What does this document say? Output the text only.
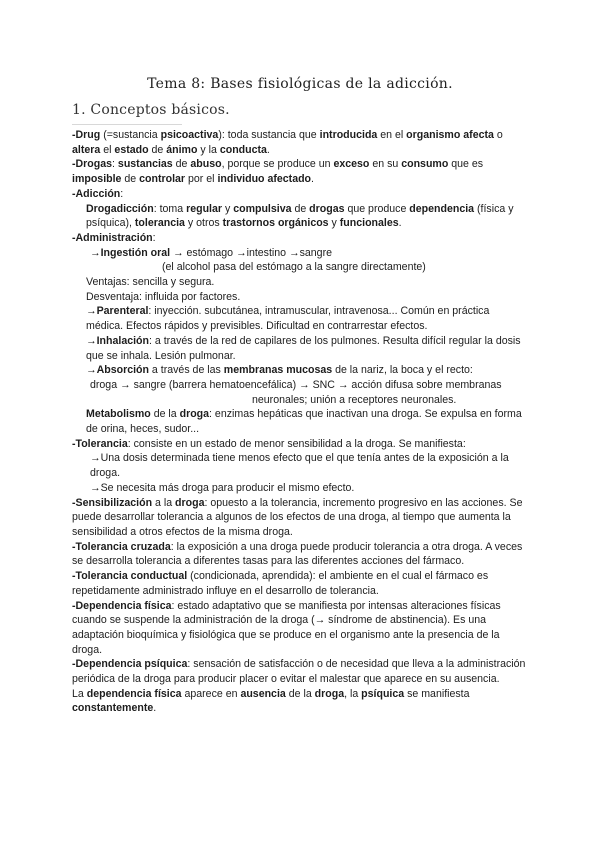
Tema 8: Bases fisiológicas de la adicción.
1. Conceptos básicos.
-Drug (=sustancia psicoactiva): toda sustancia que introducida en el organismo afecta o altera el estado de ánimo y la conducta.
-Drogas: sustancias de abuso, porque se produce un exceso en su consumo que es imposible de controlar por el individuo afectado.
-Adicción:
Drogadicción: toma regular y compulsiva de drogas que produce dependencia (física y psíquica), tolerancia y otros trastornos orgánicos y funcionales.
-Administración:
→Ingestión oral → estómago →intestino →sangre
(el alcohol pasa del estómago a la sangre directamente)
Ventajas: sencilla y segura.
Desventaja: influida por factores.
→Parenteral: inyección. subcutánea, intramuscular, intravenosa... Común en práctica médica. Efectos rápidos y previsibles. Dificultad en contrarrestar efectos.
→Inhalación: a través de la red de capilares de los pulmones. Resulta difícil regular la dosis que se inhala. Lesión pulmonar.
→Absorción a través de las membranas mucosas de la nariz, la boca y el recto:
droga → sangre (barrera hematoencefálica) → SNC → acción difusa sobre membranas
neuronales; unión a receptores neuronales.
Metabolismo de la droga: enzimas hepáticas que inactivan una droga. Se expulsa en forma de orina, heces, sudor...
-Tolerancia: consiste en un estado de menor sensibilidad a la droga. Se manifiesta:
→Una dosis determinada tiene menos efecto que el que tenía antes de la exposición a la droga.
→Se necesita más droga para producir el mismo efecto.
-Sensibilización a la droga: opuesto a la tolerancia, incremento progresivo en las acciones. Se puede desarrollar tolerancia a algunos de los efectos de una droga, al tiempo que aumenta la sensibilidad a otros efectos de la misma droga.
-Tolerancia cruzada: la exposición a una droga puede producir tolerancia a otra droga. A veces se desarrolla tolerancia a diferentes tasas para las diferentes acciones del fármaco.
-Tolerancia conductual (condicionada, aprendida): el ambiente en el cual el fármaco es repetidamente administrado influye en el desarrollo de tolerancia.
-Dependencia física: estado adaptativo que se manifiesta por intensas alteraciones físicas cuando se suspende la administración de la droga (→ síndrome de abstinencia). Es una adaptación bioquímica y fisiológica que se produce en el organismo ante la presencia de la droga.
-Dependencia psíquica: sensación de satisfacción o de necesidad que lleva a la administración periódica de la droga para producir placer o evitar el malestar que aparece en su ausencia.
La dependencia física aparece en ausencia de la droga, la psíquica se manifiesta constantemente.
